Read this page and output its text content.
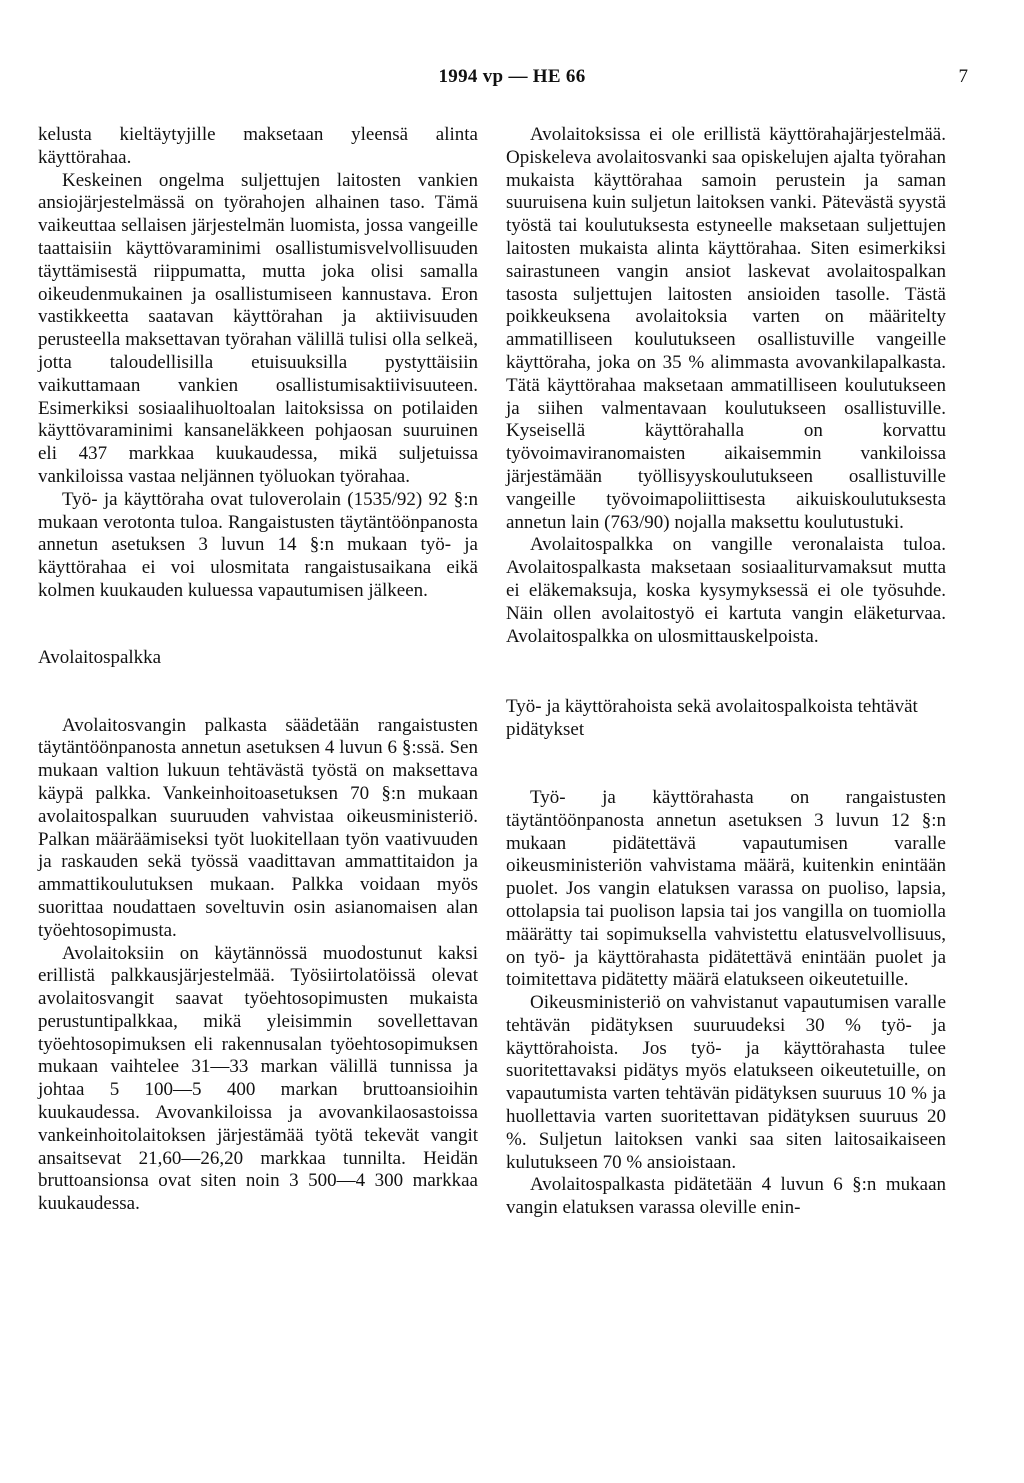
1994 vp — HE 66	7

kelusta kieltäytyjille maksetaan yleensä alinta käyttörahaa.

Keskeinen ongelma suljettujen laitosten vankien ansiojärjestelmässä on työrahojen alhainen taso. Tämä vaikeuttaa sellaisen järjestelmän luomista, jossa vangeille taattaisiin käyttövaraminimi osallistumisvelvollisuuden täyttämisestä riippumatta, mutta joka olisi samalla oikeudenmukainen ja osallistumiseen kannustava. Eron vastikkeetta saatavan käyttörahan ja aktiivisuuden perusteella maksettavan työrahan välillä tulisi olla selkeä, jotta taloudellisilla etuisuuksilla pystyttäisiin vaikuttamaan vankien osallistumisaktiivisuuteen. Esimerkiksi sosiaalihuoltoalan laitoksissa on potilaiden käyttövaraminimi kansaneläkkeen pohjaosan suuruinen eli 437 markkaa kuukaudessa, mikä suljetuissa vankiloissa vastaa neljännen työluokan työrahaa.

Työ- ja käyttöraha ovat tuloverolain (1535/92) 92 §:n mukaan verotonta tuloa. Rangaistusten täytäntöönpanosta annetun asetuksen 3 luvun 14 §:n mukaan työ- ja käyttörahaa ei voi ulosmitata rangaistusaikana eikä kolmen kuukauden kuluessa vapautumisen jälkeen.

Avolaitospalkka

Avolaitosvangin palkasta säädetään rangaistusten täytäntöönpanosta annetun asetuksen 4 luvun 6 §:ssä. Sen mukaan valtion lukuun tehtävästä työstä on maksettava käypä palkka. Vankeinhoitoasetuksen 70 §:n mukaan avolaitospalkan suuruuden vahvistaa oikeusministeriö. Palkan määräämiseksi työt luokitellaan työn vaativuuden ja raskauden sekä työssä vaadittavan ammattitaidon ja ammattikoulutuksen mukaan. Palkka voidaan myös suorittaa noudattaen soveltuvin osin asianomaisen alan työehtosopimusta.

Avolaitoksiin on käytännössä muodostunut kaksi erillistä palkkausjärjestelmää. Työsiirtolatöissä olevat avolaitosvangit saavat työehtosopimusten mukaista perustuntipalkkaa, mikä yleisimmin sovellettavan työehtosopimuksen eli rakennusalan työehtosopimuksen mukaan vaihtelee 31—33 markan välillä tunnissa ja johtaa 5 100—5 400 markan bruttoansioihin kuukaudessa. Avovankiloissa ja avovankilaosastoissa vankeinhoitolaitoksen järjestämää työtä tekevät vangit ansaitsevat 21,60—26,20 markkaa tunnilta. Heidän bruttoansionsa ovat siten noin 3 500—4 300 markkaa kuukaudessa.

Avolaitoksissa ei ole erillistä käyttörahajärjestelmää. Opiskeleva avolaitosvanki saa opiskelujen ajalta työrahan mukaista käyttörahaa samoin perustein ja saman suuruisena kuin suljetun laitoksen vanki. Pätevästä syystä työstä tai koulutuksesta estyneelle maksetaan suljettujen laitosten mukaista alinta käyttörahaa. Siten esimerkiksi sairastuneen vangin ansiot laskevat avolaitospalkan tasosta suljettujen laitosten ansioiden tasolle. Tästä poikkeuksena avolaitoksia varten on määritelty ammatilliseen koulutukseen osallistuville vangeille käyttöraha, joka on 35 % alimmasta avovankilapalkasta. Tätä käyttörahaa maksetaan ammatilliseen koulutukseen ja siihen valmentavaan koulutukseen osallistuville. Kyseisellä käyttörahalla on korvattu työvoimaviranomaisten aikaisemmin vankiloissa järjestämään työllisyyskoulutukseen osallistuville vangeille työvoimapoliittisesta aikuiskoulutuksesta annetun lain (763/90) nojalla maksettu koulutustuki.

Avolaitospalkka on vangille veronalaista tuloa. Avolaitospalkasta maksetaan sosiaaliturvamaksut mutta ei eläkemaksuja, koska kysymyksessä ei ole työsuhde. Näin ollen avolaitostyö ei kartuta vangin eläketurvaa. Avolaitospalkka on ulosmittauskelpoista.

Työ- ja käyttörahoista sekä avolaitospalkoista tehtävät pidätykset

Työ- ja käyttörahasta on rangaistusten täytäntöönpanosta annetun asetuksen 3 luvun 12 §:n mukaan pidätettävä vapautumisen varalle oikeusministeriön vahvistama määrä, kuitenkin enintään puolet. Jos vangin elatuksen varassa on puoliso, lapsia, ottolapsia tai puolison lapsia tai jos vangilla on tuomiolla määrätty tai sopimuksella vahvistettu elatusvelvollisuus, on työ- ja käyttörahasta pidätettävä enintään puolet ja toimitettava pidätetty määrä elatukseen oikeutetuille.

Oikeusministeriö on vahvistanut vapautumisen varalle tehtävän pidätyksen suuruudeksi 30 % työ- ja käyttörahoista. Jos työ- ja käyttörahasta tulee suoritettavaksi pidätys myös elatukseen oikeutetuille, on vapautumista varten tehtävän pidätyksen suuruus 10 % ja huollettavia varten suoritettavan pidätyksen suuruus 20 %. Suljetun laitoksen vanki saa siten laitosaikaiseen kulutukseen 70 % ansioistaan.

Avolaitospalkasta pidätetään 4 luvun 6 §:n mukaan vangin elatuksen varassa oleville enin-
